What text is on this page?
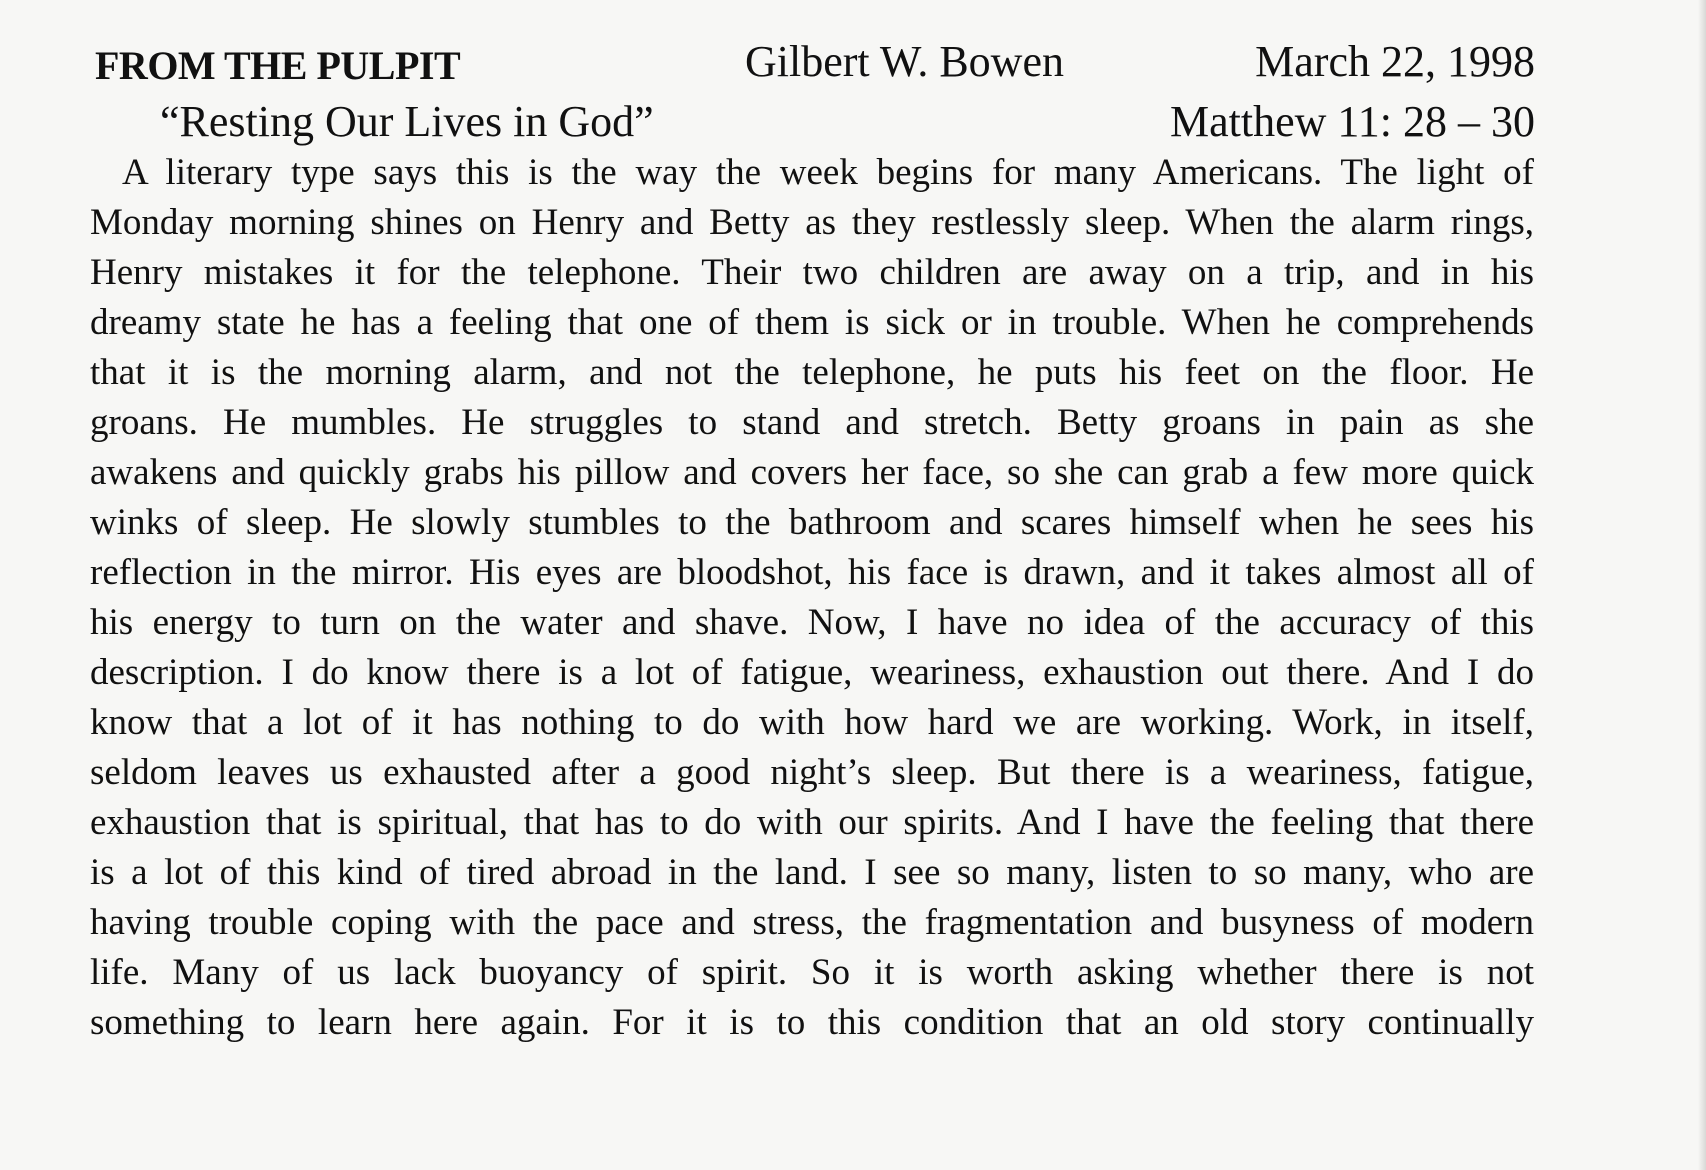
FROM THE PULPIT	Gilbert W. Bowen	March 22, 1998
“Resting Our Lives in God”	Matthew 11: 28 – 30
A literary type says this is the way the week begins for many Americans. The light of
Monday morning shines on Henry and Betty as they restlessly sleep. When the alarm rings,
Henry mistakes it for the telephone. Their two children are away on a trip, and in his
dreamy state he has a feeling that one of them is sick or in trouble. When he comprehends
that it is the morning alarm, and not the telephone, he puts his feet on the floor. He
groans. He mumbles. He struggles to stand and stretch. Betty groans in pain as she
awakens and quickly grabs his pillow and covers her face, so she can grab a few more quick
winks of sleep. He slowly stumbles to the bathroom and scares himself when he sees his
reflection in the mirror. His eyes are bloodshot, his face is drawn, and it takes almost all of
his energy to turn on the water and shave. Now, I have no idea of the accuracy of this
description. I do know there is a lot of fatigue, weariness, exhaustion out there. And I do
know that a lot of it has nothing to do with how hard we are working. Work, in itself,
seldom leaves us exhausted after a good night’s sleep. But there is a weariness, fatigue,
exhaustion that is spiritual, that has to do with our spirits. And I have the feeling that there
is a lot of this kind of tired abroad in the land. I see so many, listen to so many, who are
having trouble coping with the pace and stress, the fragmentation and busyness of modern
life. Many of us lack buoyancy of spirit. So it is worth asking whether there is not
something to learn here again. For it is to this condition that an old story continually
